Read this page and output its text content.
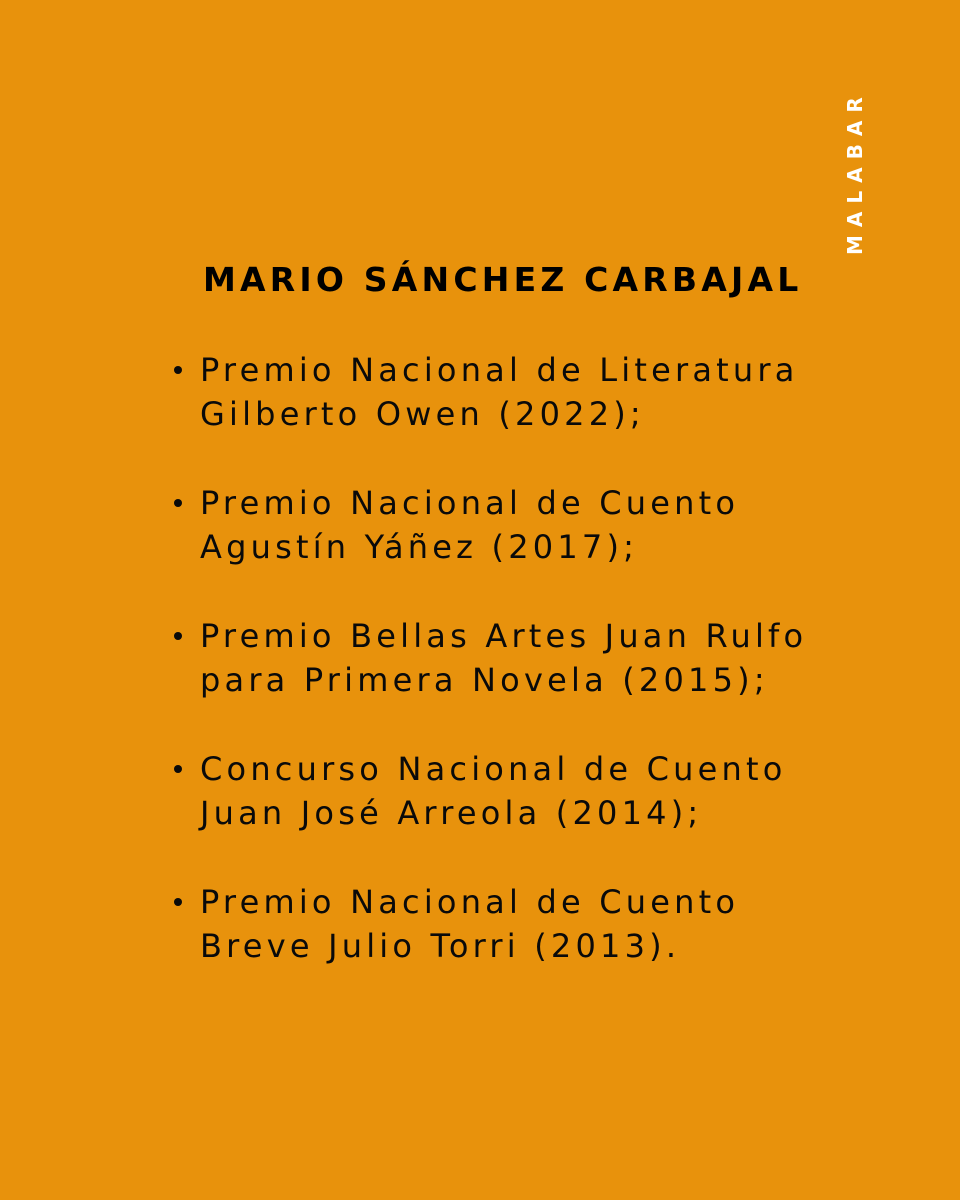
MALABAR
MARIO SÁNCHEZ CARBAJAL
Premio Nacional de Literatura
Gilberto Owen (2022);
Premio Nacional de Cuento
Agustín Yáñez (2017);
Premio Bellas Artes Juan Rulfo
para Primera Novela (2015);
Concurso Nacional de Cuento
Juan José Arreola (2014);
Premio Nacional de Cuento
Breve Julio Torri (2013).
